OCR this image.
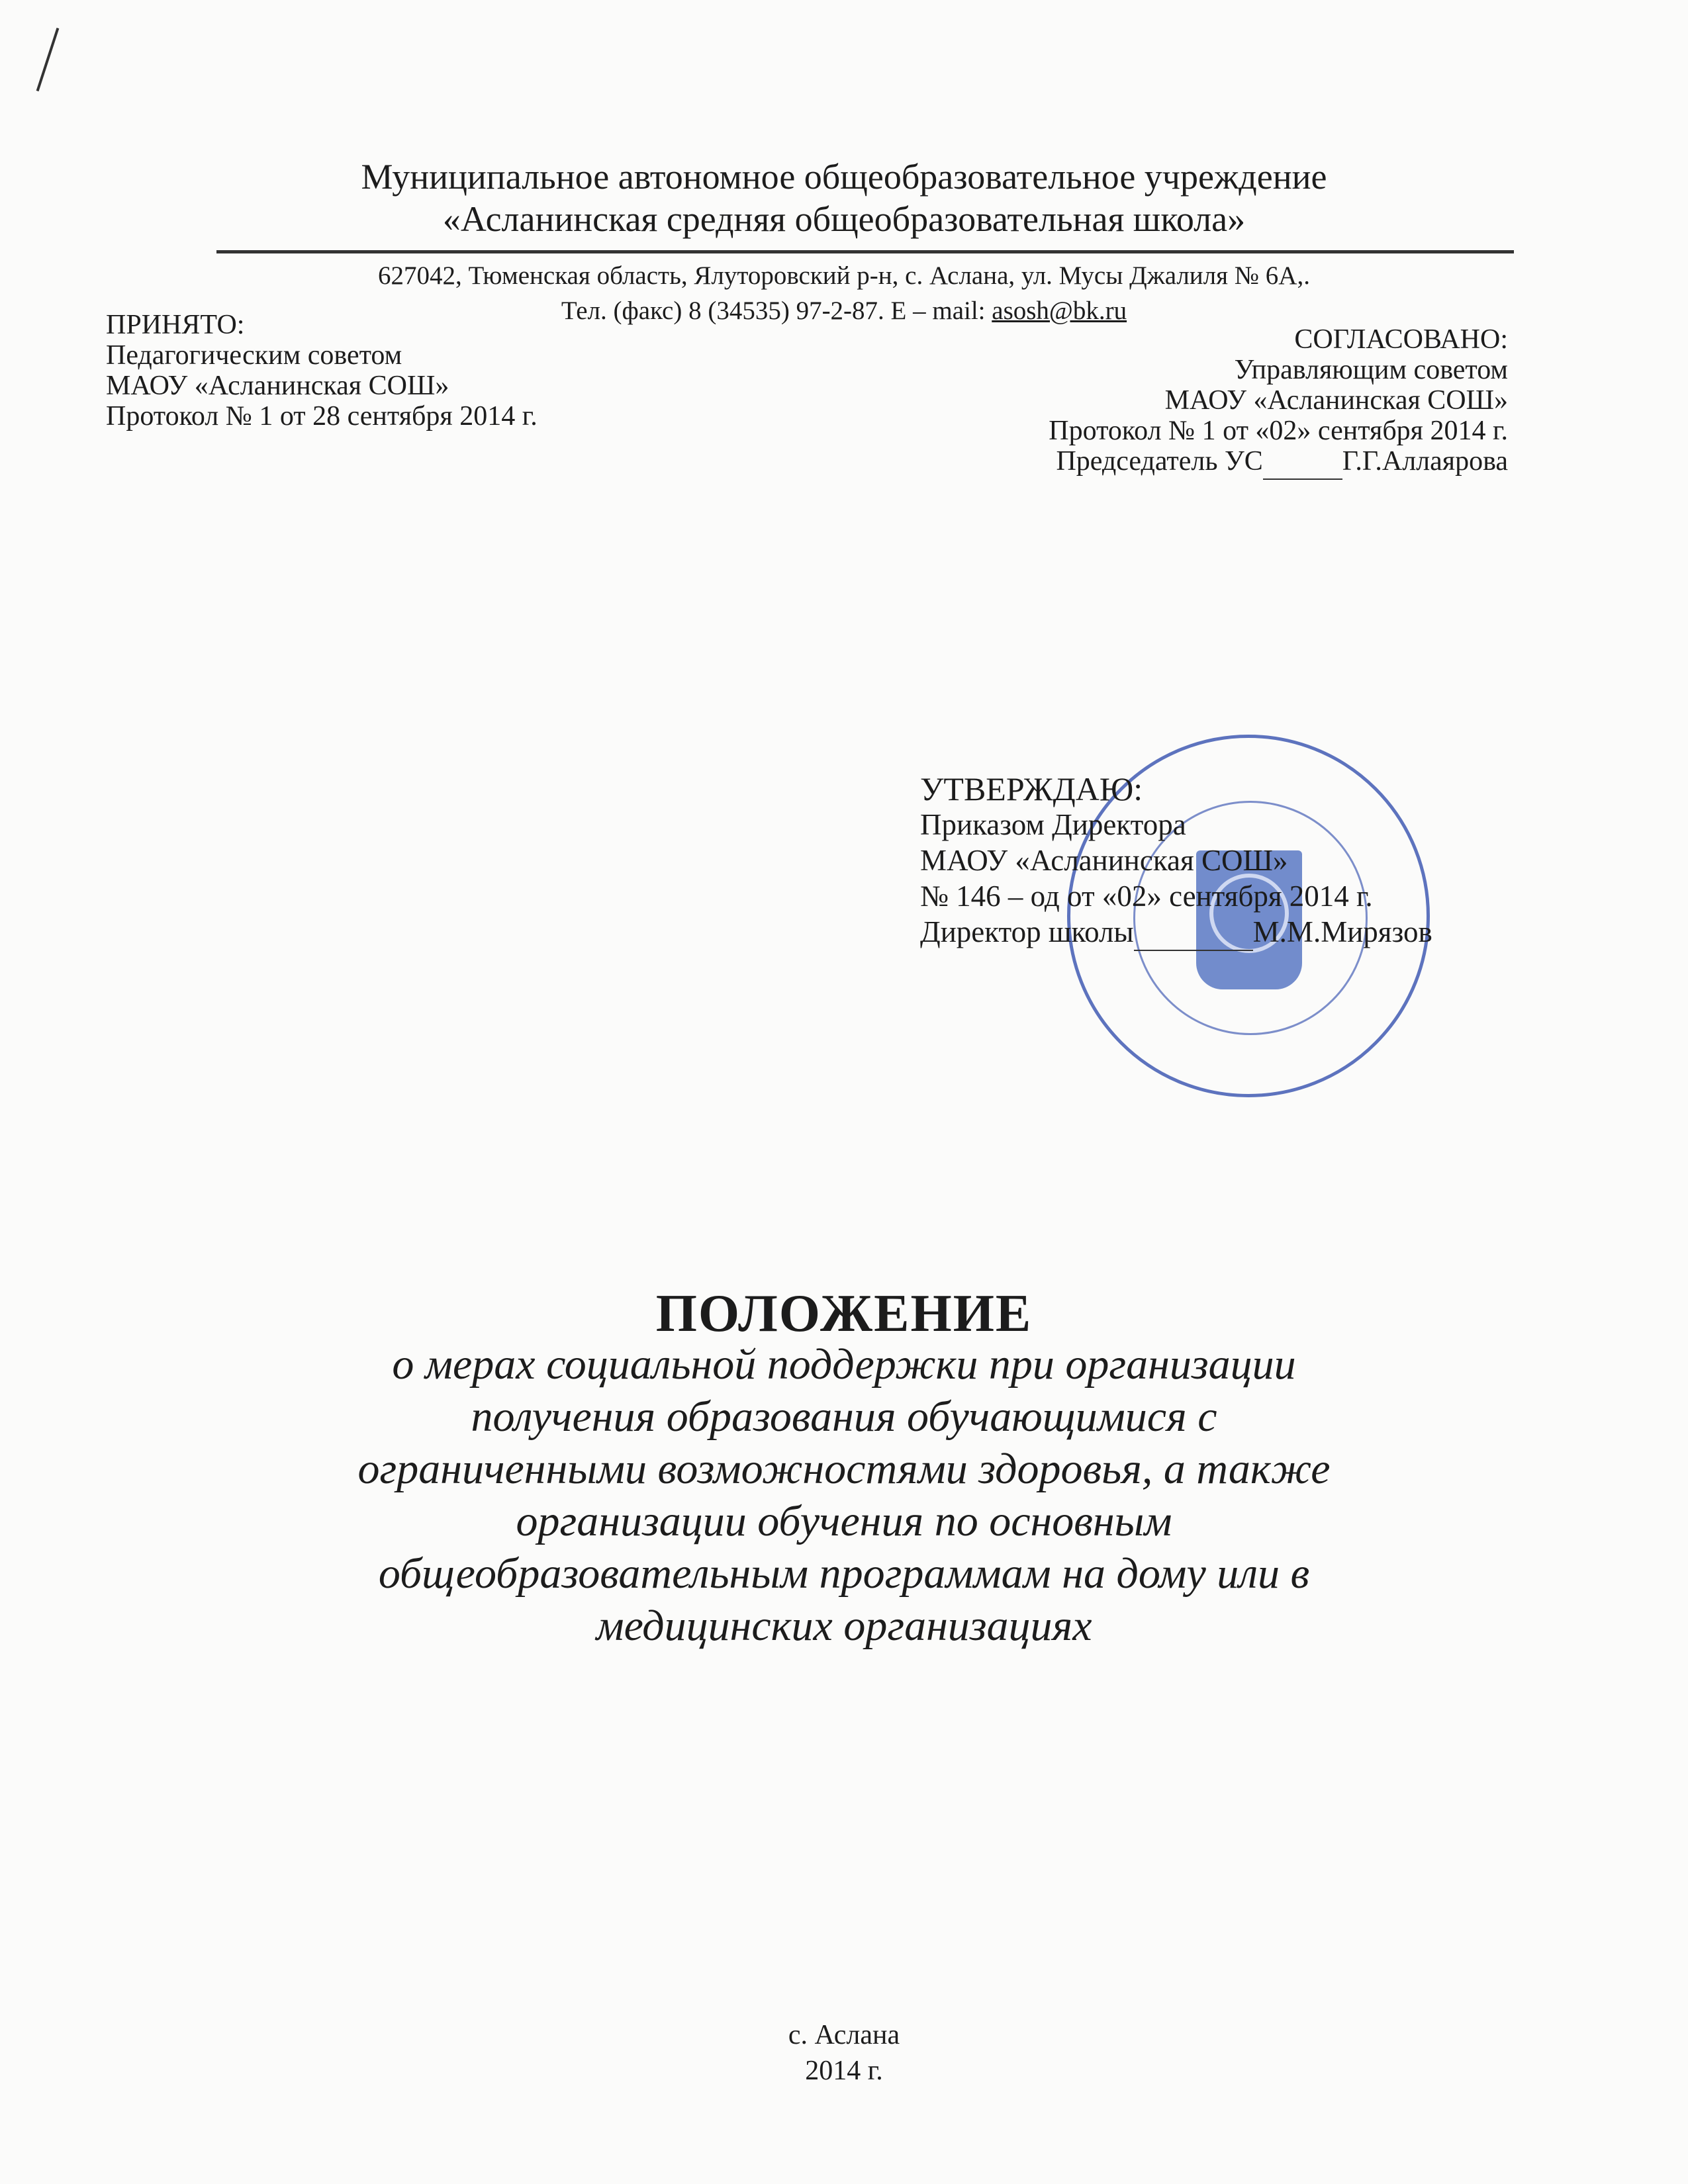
Муниципальное автономное общеобразовательное учреждение
«Асланинская средняя общеобразовательная школа»
627042, Тюменская область, Ялуторовский р-н, с. Аслана, ул. Мусы Джалиля № 6А,.
Тел. (факс) 8 (34535) 97-2-87. Е – mail: asosh@bk.ru
ПРИНЯТО:
Педагогическим советом
МАОУ «Асланинская СОШ»
Протокол № 1 от 28 сентября 2014 г.
СОГЛАСОВАНО:
Управляющим советом
МАОУ «Асланинская СОШ»
Протокол № 1 от «02» сентября 2014 г.
Председатель УС 	Г.Г.Аллаярова
УТВЕРЖДАЮ:
Приказом Директора
МАОУ «Асланинская СОШ»
№ 146 – од от «02» сентября 2014 г.
Директор школы 	М.М.Мирязов
ПОЛОЖЕНИЕ
о мерах социальной поддержки при организации
получения образования обучающимися с
ограниченными возможностями здоровья, а также
организации обучения по основным
общеобразовательным программам на дому или в
медицинских организациях
с. Аслана
2014 г.
